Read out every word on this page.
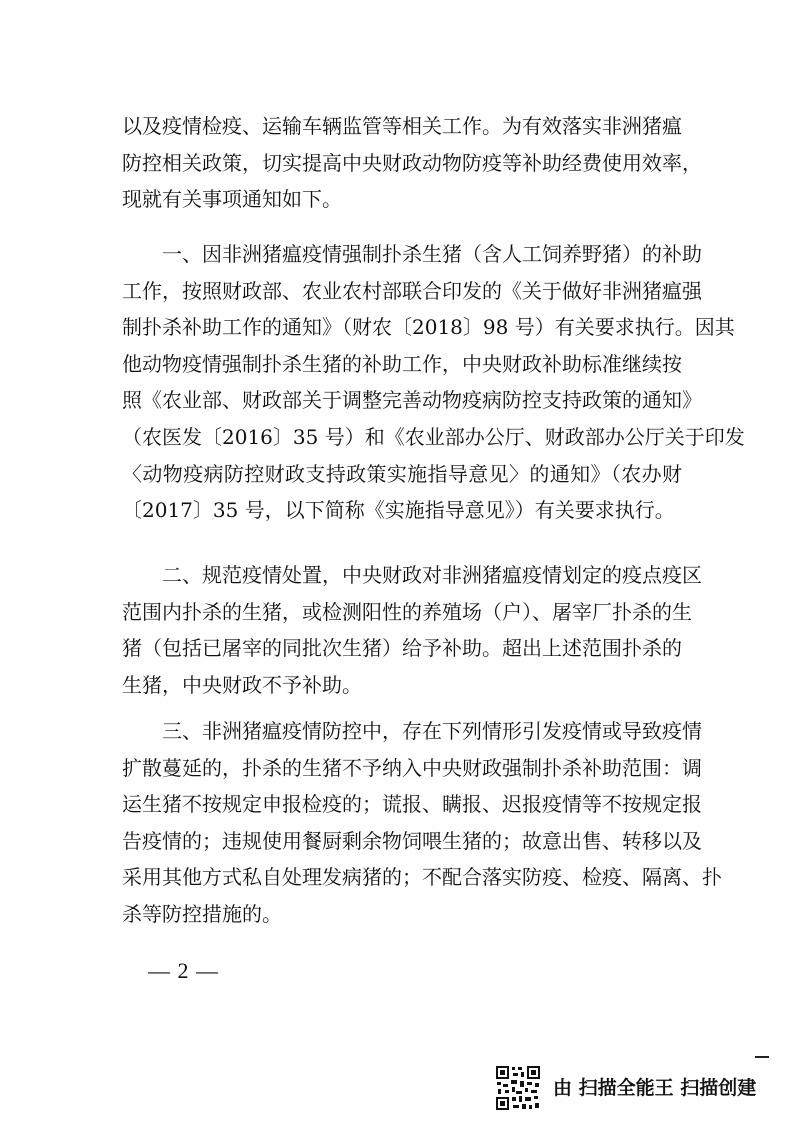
以及疫情检疫、运输车辆监管等相关工作。为有效落实非洲猪瘟
防控相关政策，切实提高中央财政动物防疫等补助经费使用效率，
现就有关事项通知如下。
一、因非洲猪瘟疫情强制扑杀生猪（含人工饲养野猪）的补助
工作，按照财政部、农业农村部联合印发的《关于做好非洲猪瘟强
制扑杀补助工作的通知》（财农〔2018〕98 号）有关要求执行。因其
他动物疫情强制扑杀生猪的补助工作，中央财政补助标准继续按
照《农业部、财政部关于调整完善动物疫病防控支持政策的通知》
（农医发〔2016〕35 号）和《农业部办公厅、财政部办公厅关于印发
〈动物疫病防控财政支持政策实施指导意见〉的通知》（农办财
〔2017〕35 号，以下简称《实施指导意见》）有关要求执行。
二、规范疫情处置，中央财政对非洲猪瘟疫情划定的疫点疫区
范围内扑杀的生猪，或检测阳性的养殖场（户）、屠宰厂扑杀的生
猪（包括已屠宰的同批次生猪）给予补助。超出上述范围扑杀的
生猪，中央财政不予补助。
三、非洲猪瘟疫情防控中，存在下列情形引发疫情或导致疫情
扩散蔓延的，扑杀的生猪不予纳入中央财政强制扑杀补助范围：调
运生猪不按规定申报检疫的；谎报、瞒报、迟报疫情等不按规定报
告疫情的；违规使用餐厨剩余物饲喂生猪的；故意出售、转移以及
采用其他方式私自处理发病猪的；不配合落实防疫、检疫、隔离、扑
杀等防控措施的。
— 2 —
由 扫描全能王 扫描创建
